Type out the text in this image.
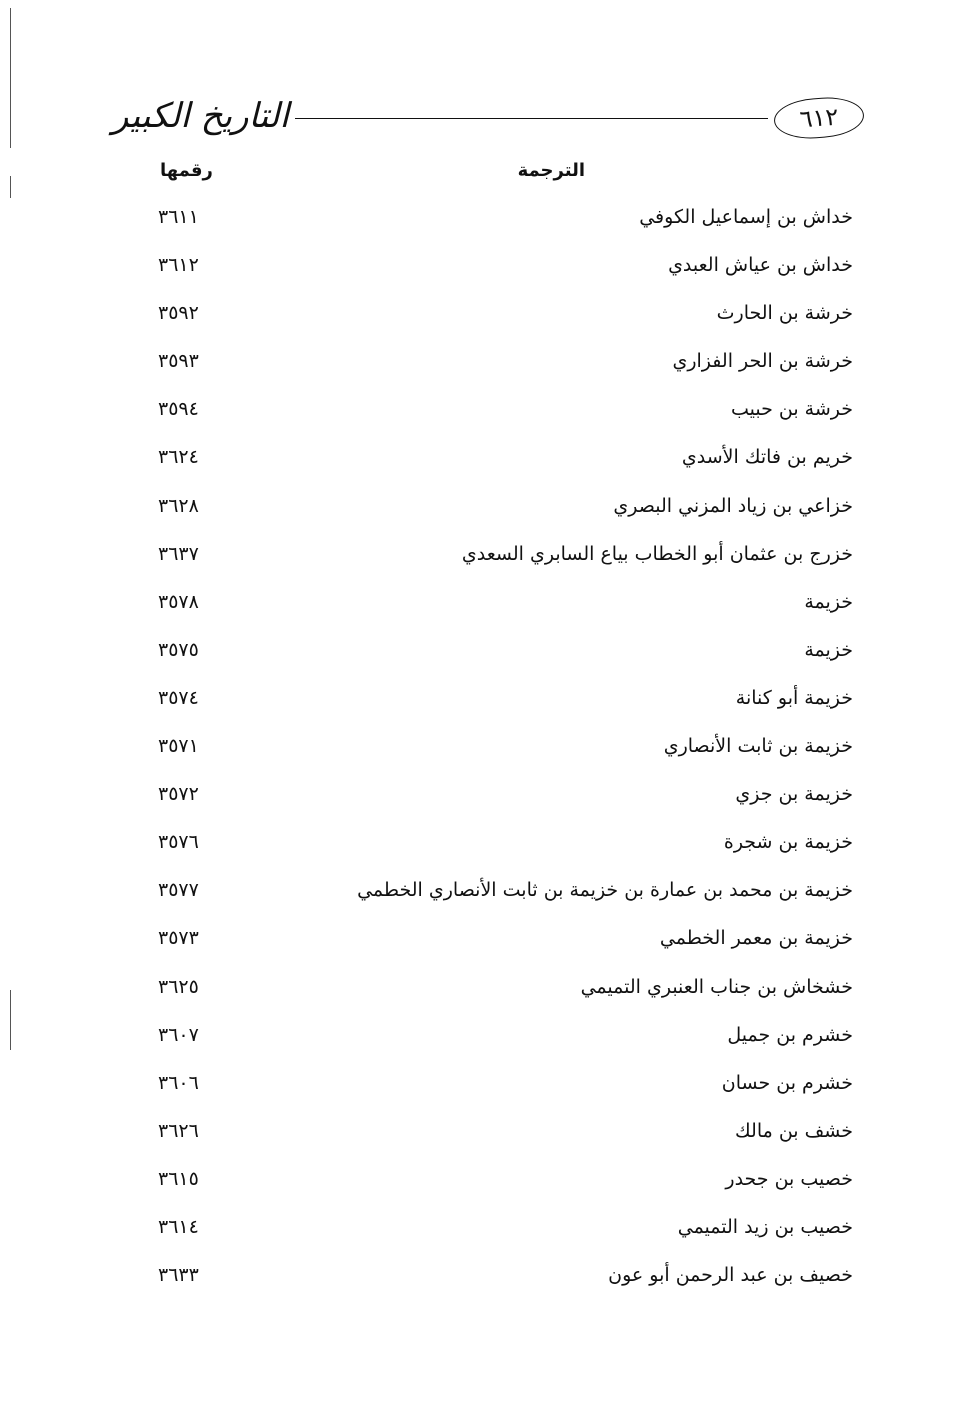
التاريخ الكبير	٦١٢
الترجمة
رقمها
خداش بن إسماعيل الكوفي
٣٦١١
خداش بن عياش العبدي
٣٦١٢
خرشة بن الحارث
٣٥٩٢
خرشة بن الحر الفزاري
٣٥٩٣
خرشة بن حبيب
٣٥٩٤
خريم بن فاتك الأسدي
٣٦٢٤
خزاعي بن زياد المزني البصري
٣٦٢٨
خزرج بن عثمان أبو الخطاب بياع السابري السعدي
٣٦٣٧
خزيمة
٣٥٧٨
خزيمة
٣٥٧٥
خزيمة أبو كنانة
٣٥٧٤
خزيمة بن ثابت الأنصاري
٣٥٧١
خزيمة بن جزي
٣٥٧٢
خزيمة بن شجرة
٣٥٧٦
خزيمة بن محمد بن عمارة بن خزيمة بن ثابت الأنصاري الخطمي
٣٥٧٧
خزيمة بن معمر الخطمي
٣٥٧٣
خشخاش بن جناب العنبري التميمي
٣٦٢٥
خشرم بن جميل
٣٦٠٧
خشرم بن حسان
٣٦٠٦
خشف بن مالك
٣٦٢٦
خصيب بن جحدر
٣٦١٥
خصيب بن زيد التميمي
٣٦١٤
خصيف بن عبد الرحمن أبو عون
٣٦٣٣
